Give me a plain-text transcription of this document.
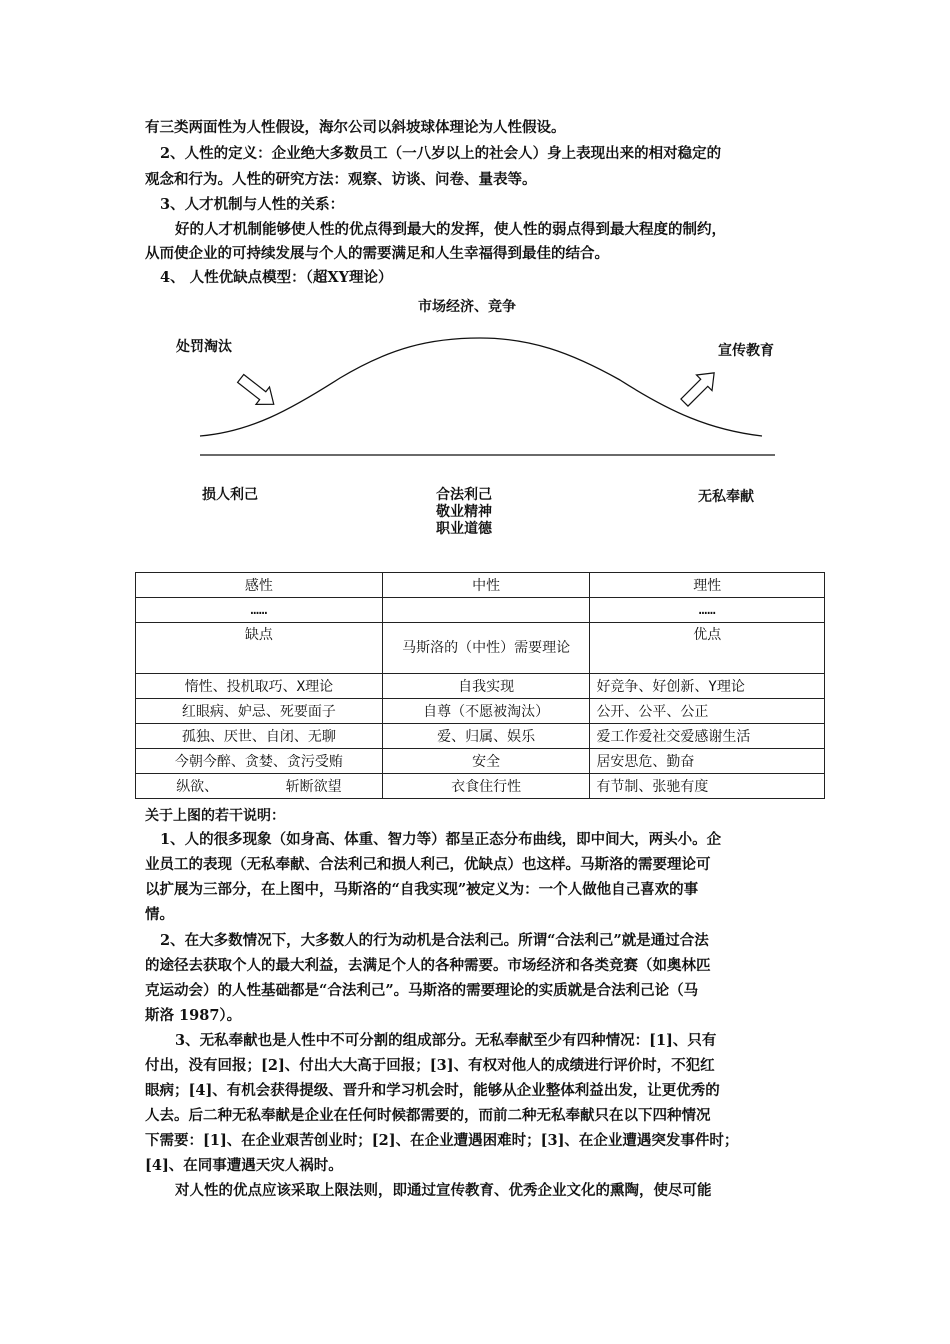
有三类两面性为人性假设，海尔公司以斜坡球体理论为人性假设。
2、人性的定义：企业绝大多数员工（一八岁以上的社会人）身上表现出来的相对稳定的
观念和行为。人性的研究方法：观察、访谈、问卷、量表等。
3、人才机制与人性的关系：
好的人才机制能够使人性的优点得到最大的发挥，使人性的弱点得到最大程度的制约，
从而使企业的可持续发展与个人的需要满足和人生幸福得到最佳的结合。
4、 人性优缺点模型：（超XY理论）
市场经济、竞争
处罚淘汰	宣传教育
损人利己	合法利己
敬业精神
职业道德
无私奉献
感性	中性	理性
……		……
缺点	马斯洛的（中性）需要理论	优点
惰性、投机取巧、X理论	自我实现	好竞争、好创新、Y理论
红眼病、妒忌、死要面子	自尊（不愿被淘汰）	公开、公平、公正
孤独、厌世、自闭、无聊	爱、归属、娱乐	爱工作爱社交爱感谢生活
今朝今醉、贪婪、贪污受贿	安全	居安思危、勤奋
纵欲、        斩断欲望	衣食住行性	有节制、张驰有度
关于上图的若干说明：
1、人的很多现象（如身高、体重、智力等）都呈正态分布曲线，即中间大，两头小。企
业员工的表现（无私奉献、合法利己和损人利己，优缺点）也这样。马斯洛的需要理论可
以扩展为三部分，在上图中，马斯洛的“自我实现”被定义为：一个人做他自己喜欢的事
情。
2、在大多数情况下，大多数人的行为动机是合法利己。所谓“合法利己”就是通过合法
的途径去获取个人的最大利益，去满足个人的各种需要。市场经济和各类竞赛（如奥林匹
克运动会）的人性基础都是“合法利己”。马斯洛的需要理论的实质就是合法利己论（马
斯洛 1987）。
3、无私奉献也是人性中不可分割的组成部分。无私奉献至少有四种情况：[1]、只有
付出，没有回报；[2]、付出大大高于回报；[3]、有权对他人的成绩进行评价时，不犯红
眼病；[4]、有机会获得提级、晋升和学习机会时，能够从企业整体利益出发，让更优秀的
人去。后二种无私奉献是企业在任何时候都需要的，而前二种无私奉献只在以下四种情况
下需要：[1]、在企业艰苦创业时；[2]、在企业遭遇困难时；[3]、在企业遭遇突发事件时；
[4]、在同事遭遇天灾人祸时。
对人性的优点应该采取上限法则，即通过宣传教育、优秀企业文化的熏陶，使尽可能
